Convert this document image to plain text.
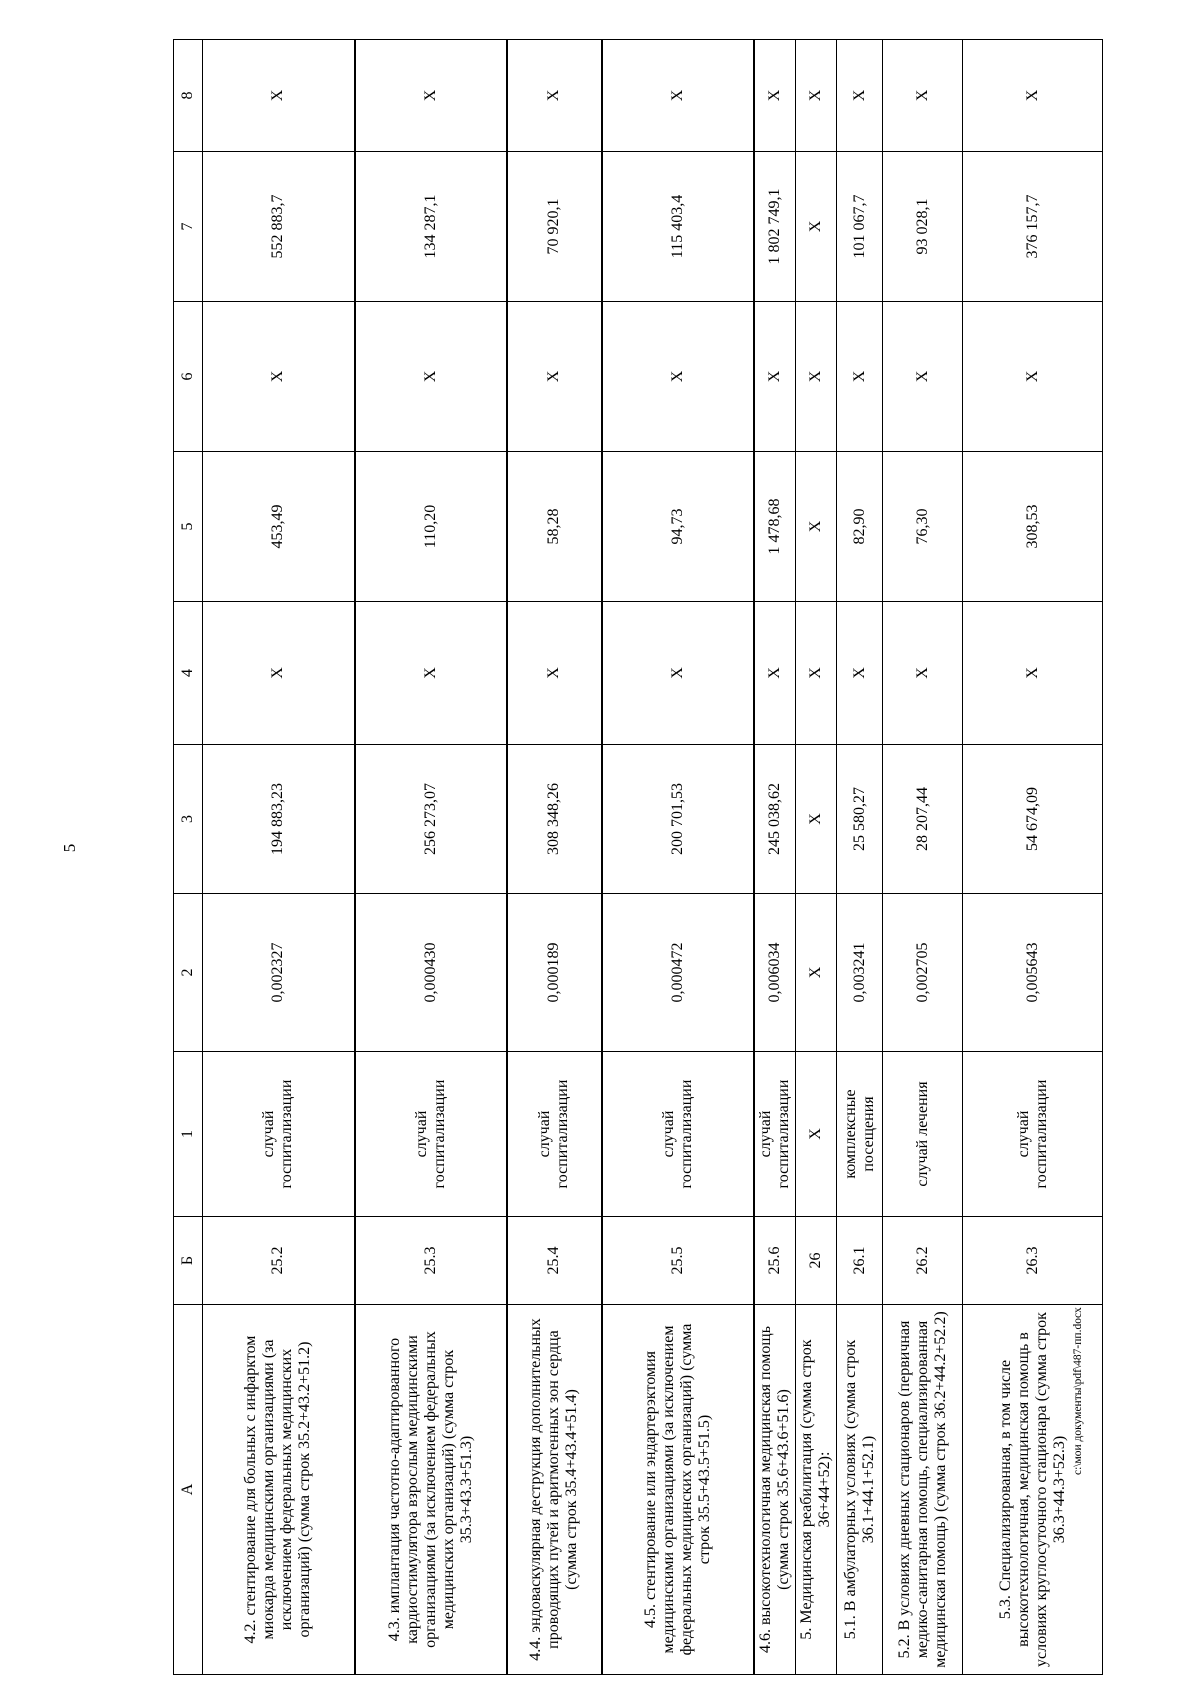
5
А	Б	1	2	3	4	5	6	7	8
4.2. стентирование для больных с инфарктом миокарда медицинскими организациями (за исключением федеральных медицинских организаций) (сумма строк 35.2+43.2+51.2)	25.2	случай госпитализации	0,002327	194 883,23	Х	453,49	Х	552 883,7	Х
4.3. имплантация частотно-адаптированного кардиостимулятора взрослым медицинскими организациями (за исключением федеральных медицинских организаций) (сумма строк 35.3+43.3+51.3)	25.3	случай госпитализации	0,000430	256 273,07	Х	110,20	Х	134 287,1	Х
4.4. эндоваскулярная деструкция дополнительных проводящих путей и аритмогенных зон сердца (сумма строк 35.4+43.4+51.4)	25.4	случай госпитализации	0,000189	308 348,26	Х	58,28	Х	70 920,1	Х
4.5. стентирование или эндартерэктомия медицинскими организациями (за исключением федеральных медицинских организаций) (сумма строк 35.5+43.5+51.5)	25.5	случай госпитализации	0,000472	200 701,53	Х	94,73	Х	115 403,4	Х
4.6. высокотехнологичная медицинская помощь (сумма строк 35.6+43.6+51.6)	25.6	случай госпитализации	0,006034	245 038,62	Х	1 478,68	Х	1 802 749,1	Х
5. Медицинская реабилитация (сумма строк 36+44+52):	26	Х	Х	Х	Х	Х	Х	Х	Х
5.1. В амбулаторных условиях (сумма строк 36.1+44.1+52.1)	26.1	комплексные посещения	0,003241	25 580,27	Х	82,90	Х	101 067,7	Х
5.2. В условиях дневных стационаров (первичная медико-санитарная помощь, специализированная медицинская помощь) (сумма строк 36.2+44.2+52.2)	26.2	случай лечения	0,002705	28 207,44	Х	76,30	Х	93 028,1	Х
5.3. Специализированная, в том числе высокотехнологичная, медицинская помощь в условиях круглосуточного стационара (сумма строк 36.3+44.3+52.3)	26.3	случай госпитализации	0,005643	54 674,09	Х	308,53	Х	376 157,7	Х
c:\мои документы\pdf\487-пп.docx
